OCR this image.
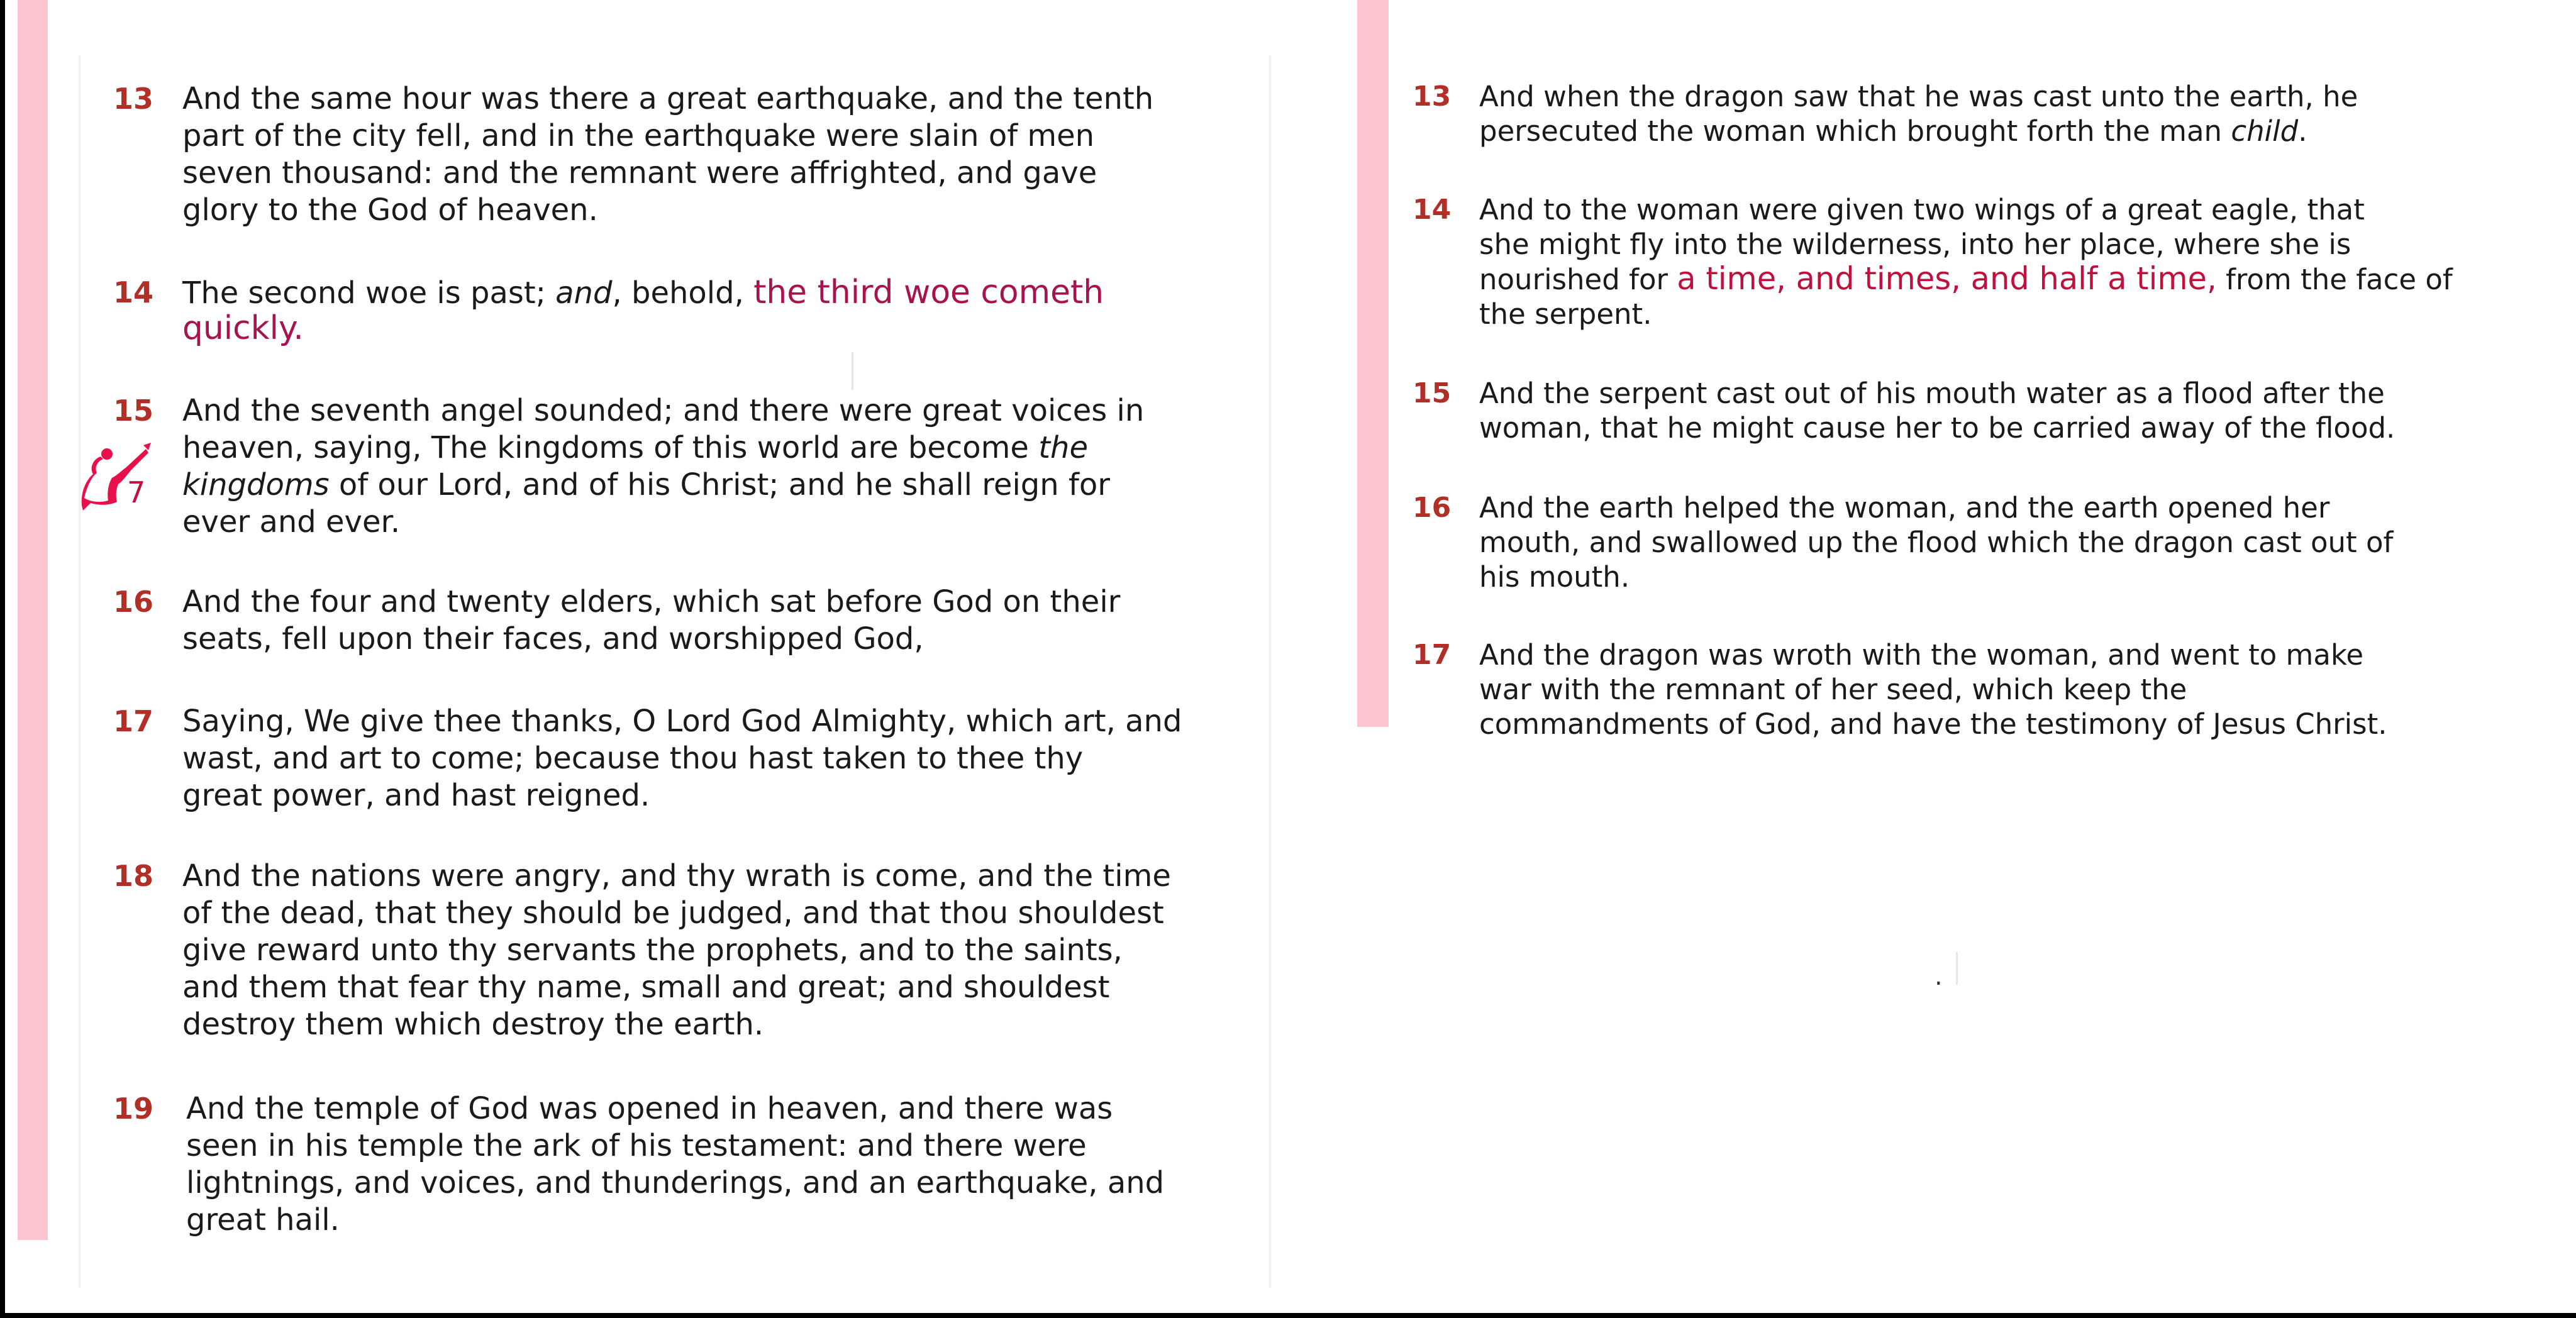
13 And the same hour was there a great earthquake, and the tenth
part of the city fell, and in the earthquake were slain of men
seven thousand: and the remnant were affrighted, and gave
glory to the God of heaven.
14 The second woe is past; and, behold, the third woe cometh
quickly.
15 And the seventh angel sounded; and there were great voices in
heaven, saying, The kingdoms of this world are become the
kingdoms of our Lord, and of his Christ; and he shall reign for
ever and ever.
16 And the four and twenty elders, which sat before God on their
seats, fell upon their faces, and worshipped God,
17 Saying, We give thee thanks, O Lord God Almighty, which art, and
wast, and art to come; because thou hast taken to thee thy
great power, and hast reigned.
18 And the nations were angry, and thy wrath is come, and the time
of the dead, that they should be judged, and that thou shouldest
give reward unto thy servants the prophets, and to the saints,
and them that fear thy name, small and great; and shouldest
destroy them which destroy the earth.
19	And the temple of God was opened in heaven, and there was
seen in his temple the ark of his testament: and there were
lightnings, and voices, and thunderings, and an earthquake, and
great hail.
7
13 And when the dragon saw that he was cast unto the earth, he
persecuted the woman which brought forth the man child.
14 And to the woman were given two wings of a great eagle, that
she might fly into the wilderness, into her place, where she is
nourished for a time, and times, and half a time, from the face of
the serpent.
15 And the serpent cast out of his mouth water as a flood after the
woman, that he might cause her to be carried away of the flood.
16 And the earth helped the woman, and the earth opened her
mouth, and swallowed up the flood which the dragon cast out of
his mouth.
17 And the dragon was wroth with the woman, and went to make
war with the remnant of her seed, which keep the
commandments of God, and have the testimony of Jesus Christ.
.
